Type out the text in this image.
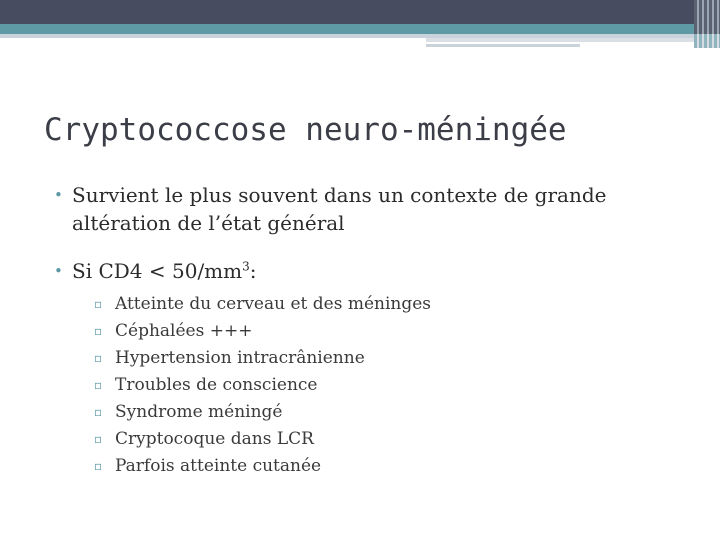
Cryptococcose neuro-méningée
• Survient le plus souvent dans un contexte de grande altération de l’état général
• Si $CD4 < 50/mm^3$:
▫ Atteinte du cerveau et des méninges
▫ Céphalées +++
▫ Hypertension intracrânienne
▫ Troubles de conscience
▫ Syndrome méningé
▫ Cryptocoque dans LCR
▫ Parfois atteinte cutanée
